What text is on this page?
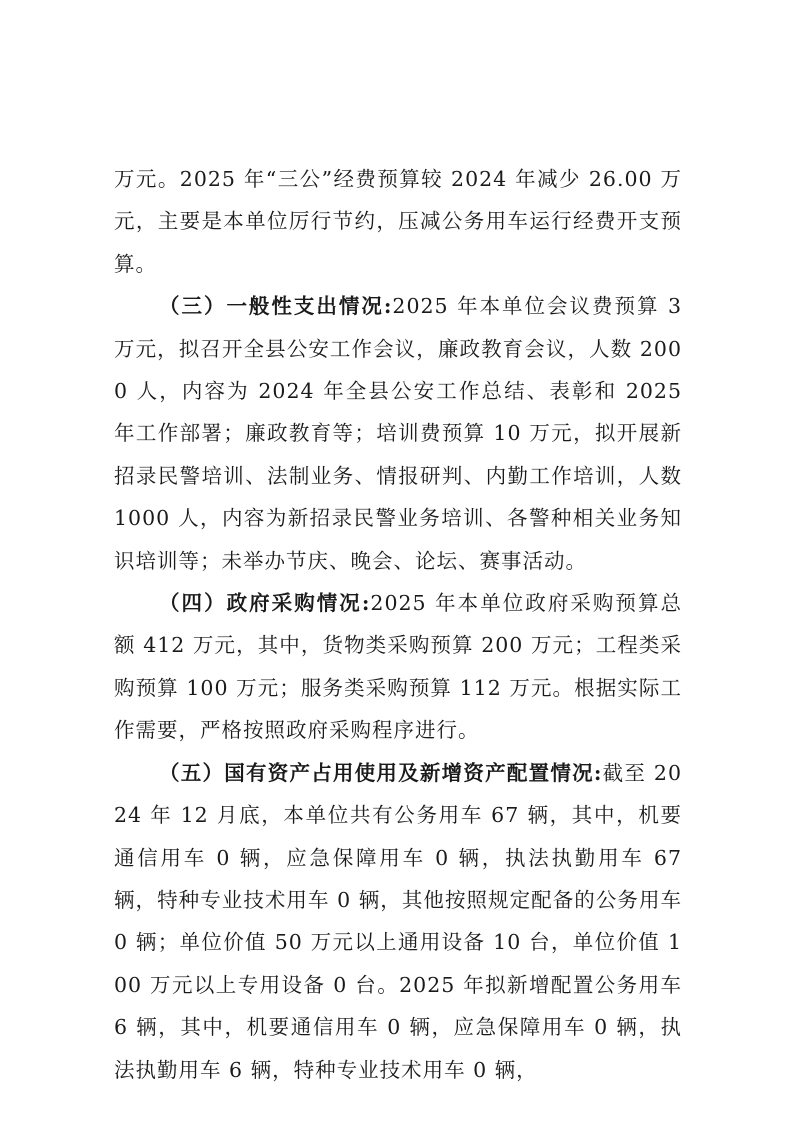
万元。2025 年“三公”经费预算较 2024 年减少 26.00 万元，主要是本单位厉行节约，压减公务用车运行经费开支预算。

（三）一般性支出情况:2025 年本单位会议费预算 3 万元，拟召开全县公安工作会议，廉政教育会议，人数 2000 人，内容为 2024 年全县公安工作总结、表彰和 2025 年工作部署；廉政教育等；培训费预算 10 万元，拟开展新招录民警培训、法制业务、情报研判、内勤工作培训，人数 1000 人，内容为新招录民警业务培训、各警种相关业务知识培训等；未举办节庆、晚会、论坛、赛事活动。

（四）政府采购情况:2025 年本单位政府采购预算总额 412 万元，其中，货物类采购预算 200 万元；工程类采购预算 100 万元；服务类采购预算 112 万元。根据实际工作需要，严格按照政府采购程序进行。

（五）国有资产占用使用及新增资产配置情况:截至 2024 年 12 月底，本单位共有公务用车 67 辆，其中，机要通信用车 0 辆，应急保障用车 0 辆，执法执勤用车 67 辆，特种专业技术用车 0 辆，其他按照规定配备的公务用车 0 辆；单位价值 50 万元以上通用设备 10 台，单位价值 100 万元以上专用设备 0 台。2025 年拟新增配置公务用车 6 辆，其中，机要通信用车 0 辆，应急保障用车 0 辆，执法执勤用车 6 辆，特种专业技术用车 0 辆，
